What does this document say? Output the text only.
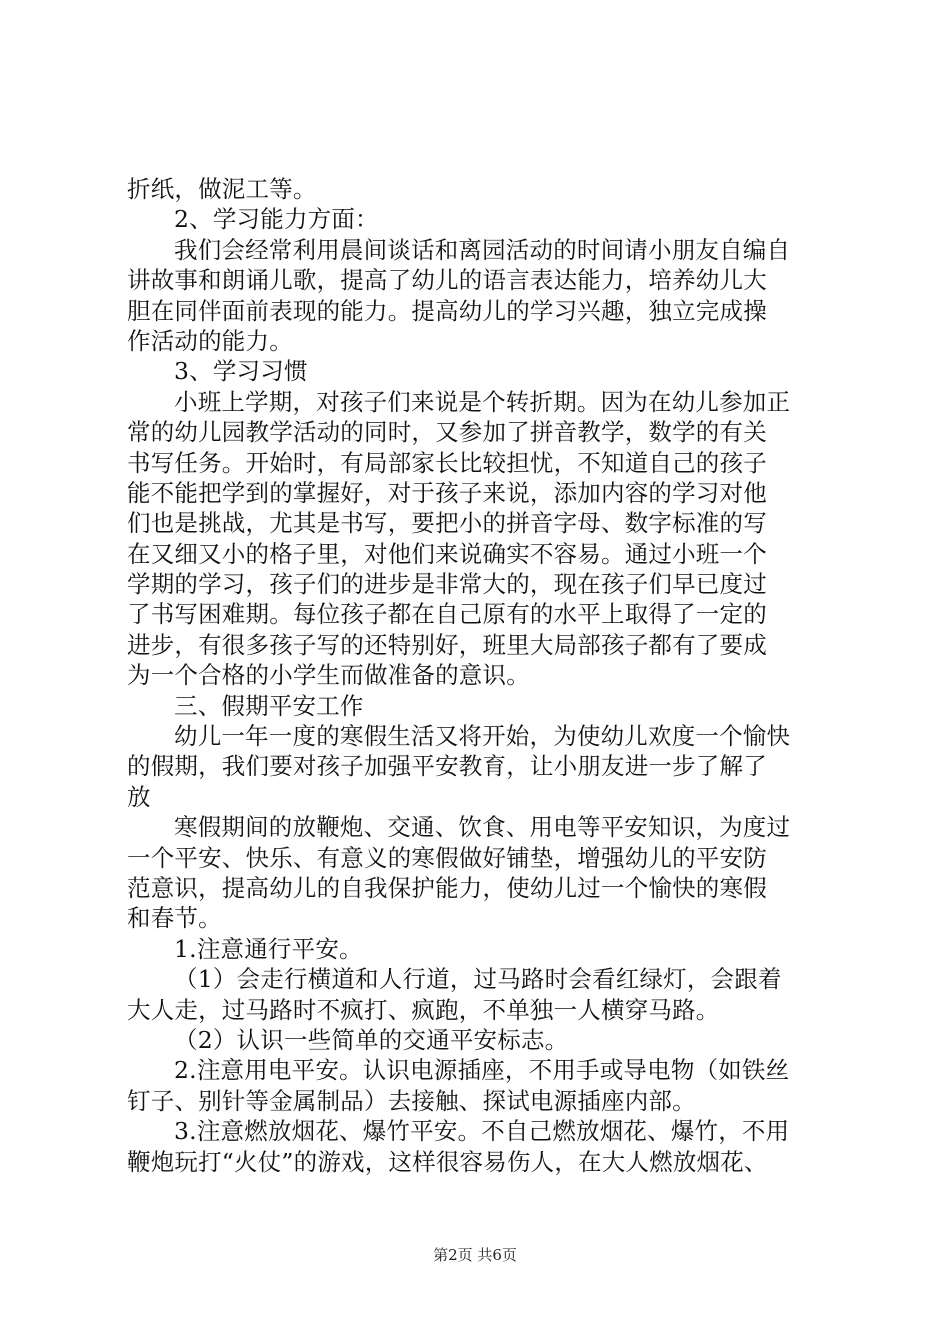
折纸，做泥工等。
2、学习能力方面：
我们会经常利用晨间谈话和离园活动的时间请小朋友自编自
讲故事和朗诵儿歌，提高了幼儿的语言表达能力，培养幼儿大
胆在同伴面前表现的能力。提高幼儿的学习兴趣，独立完成操
作活动的能力。
3、学习习惯
小班上学期，对孩子们来说是个转折期。因为在幼儿参加正
常的幼儿园教学活动的同时，又参加了拼音教学，数学的有关
书写任务。开始时，有局部家长比较担忧，不知道自己的孩子
能不能把学到的掌握好，对于孩子来说，添加内容的学习对他
们也是挑战，尤其是书写，要把小的拼音字母、数字标准的写
在又细又小的格子里，对他们来说确实不容易。通过小班一个
学期的学习，孩子们的进步是非常大的，现在孩子们早已度过
了书写困难期。每位孩子都在自己原有的水平上取得了一定的
进步，有很多孩子写的还特别好，班里大局部孩子都有了要成
为一个合格的小学生而做准备的意识。
三、假期平安工作
幼儿一年一度的寒假生活又将开始，为使幼儿欢度一个愉快
的假期，我们要对孩子加强平安教育，让小朋友进一步了解了
放
寒假期间的放鞭炮、交通、饮食、用电等平安知识，为度过
一个平安、快乐、有意义的寒假做好铺垫，增强幼儿的平安防
范意识，提高幼儿的自我保护能力，使幼儿过一个愉快的寒假
和春节。
1.注意通行平安。
（1）会走行横道和人行道，过马路时会看红绿灯，会跟着
大人走，过马路时不疯打、疯跑，不单独一人横穿马路。
（2）认识一些简单的交通平安标志。
2.注意用电平安。认识电源插座，不用手或导电物（如铁丝
钉子、别针等金属制品）去接触、探试电源插座内部。
3.注意燃放烟花、爆竹平安。不自己燃放烟花、爆竹，不用
鞭炮玩打“火仗”的游戏，这样很容易伤人，在大人燃放烟花、
第2页 共6页
